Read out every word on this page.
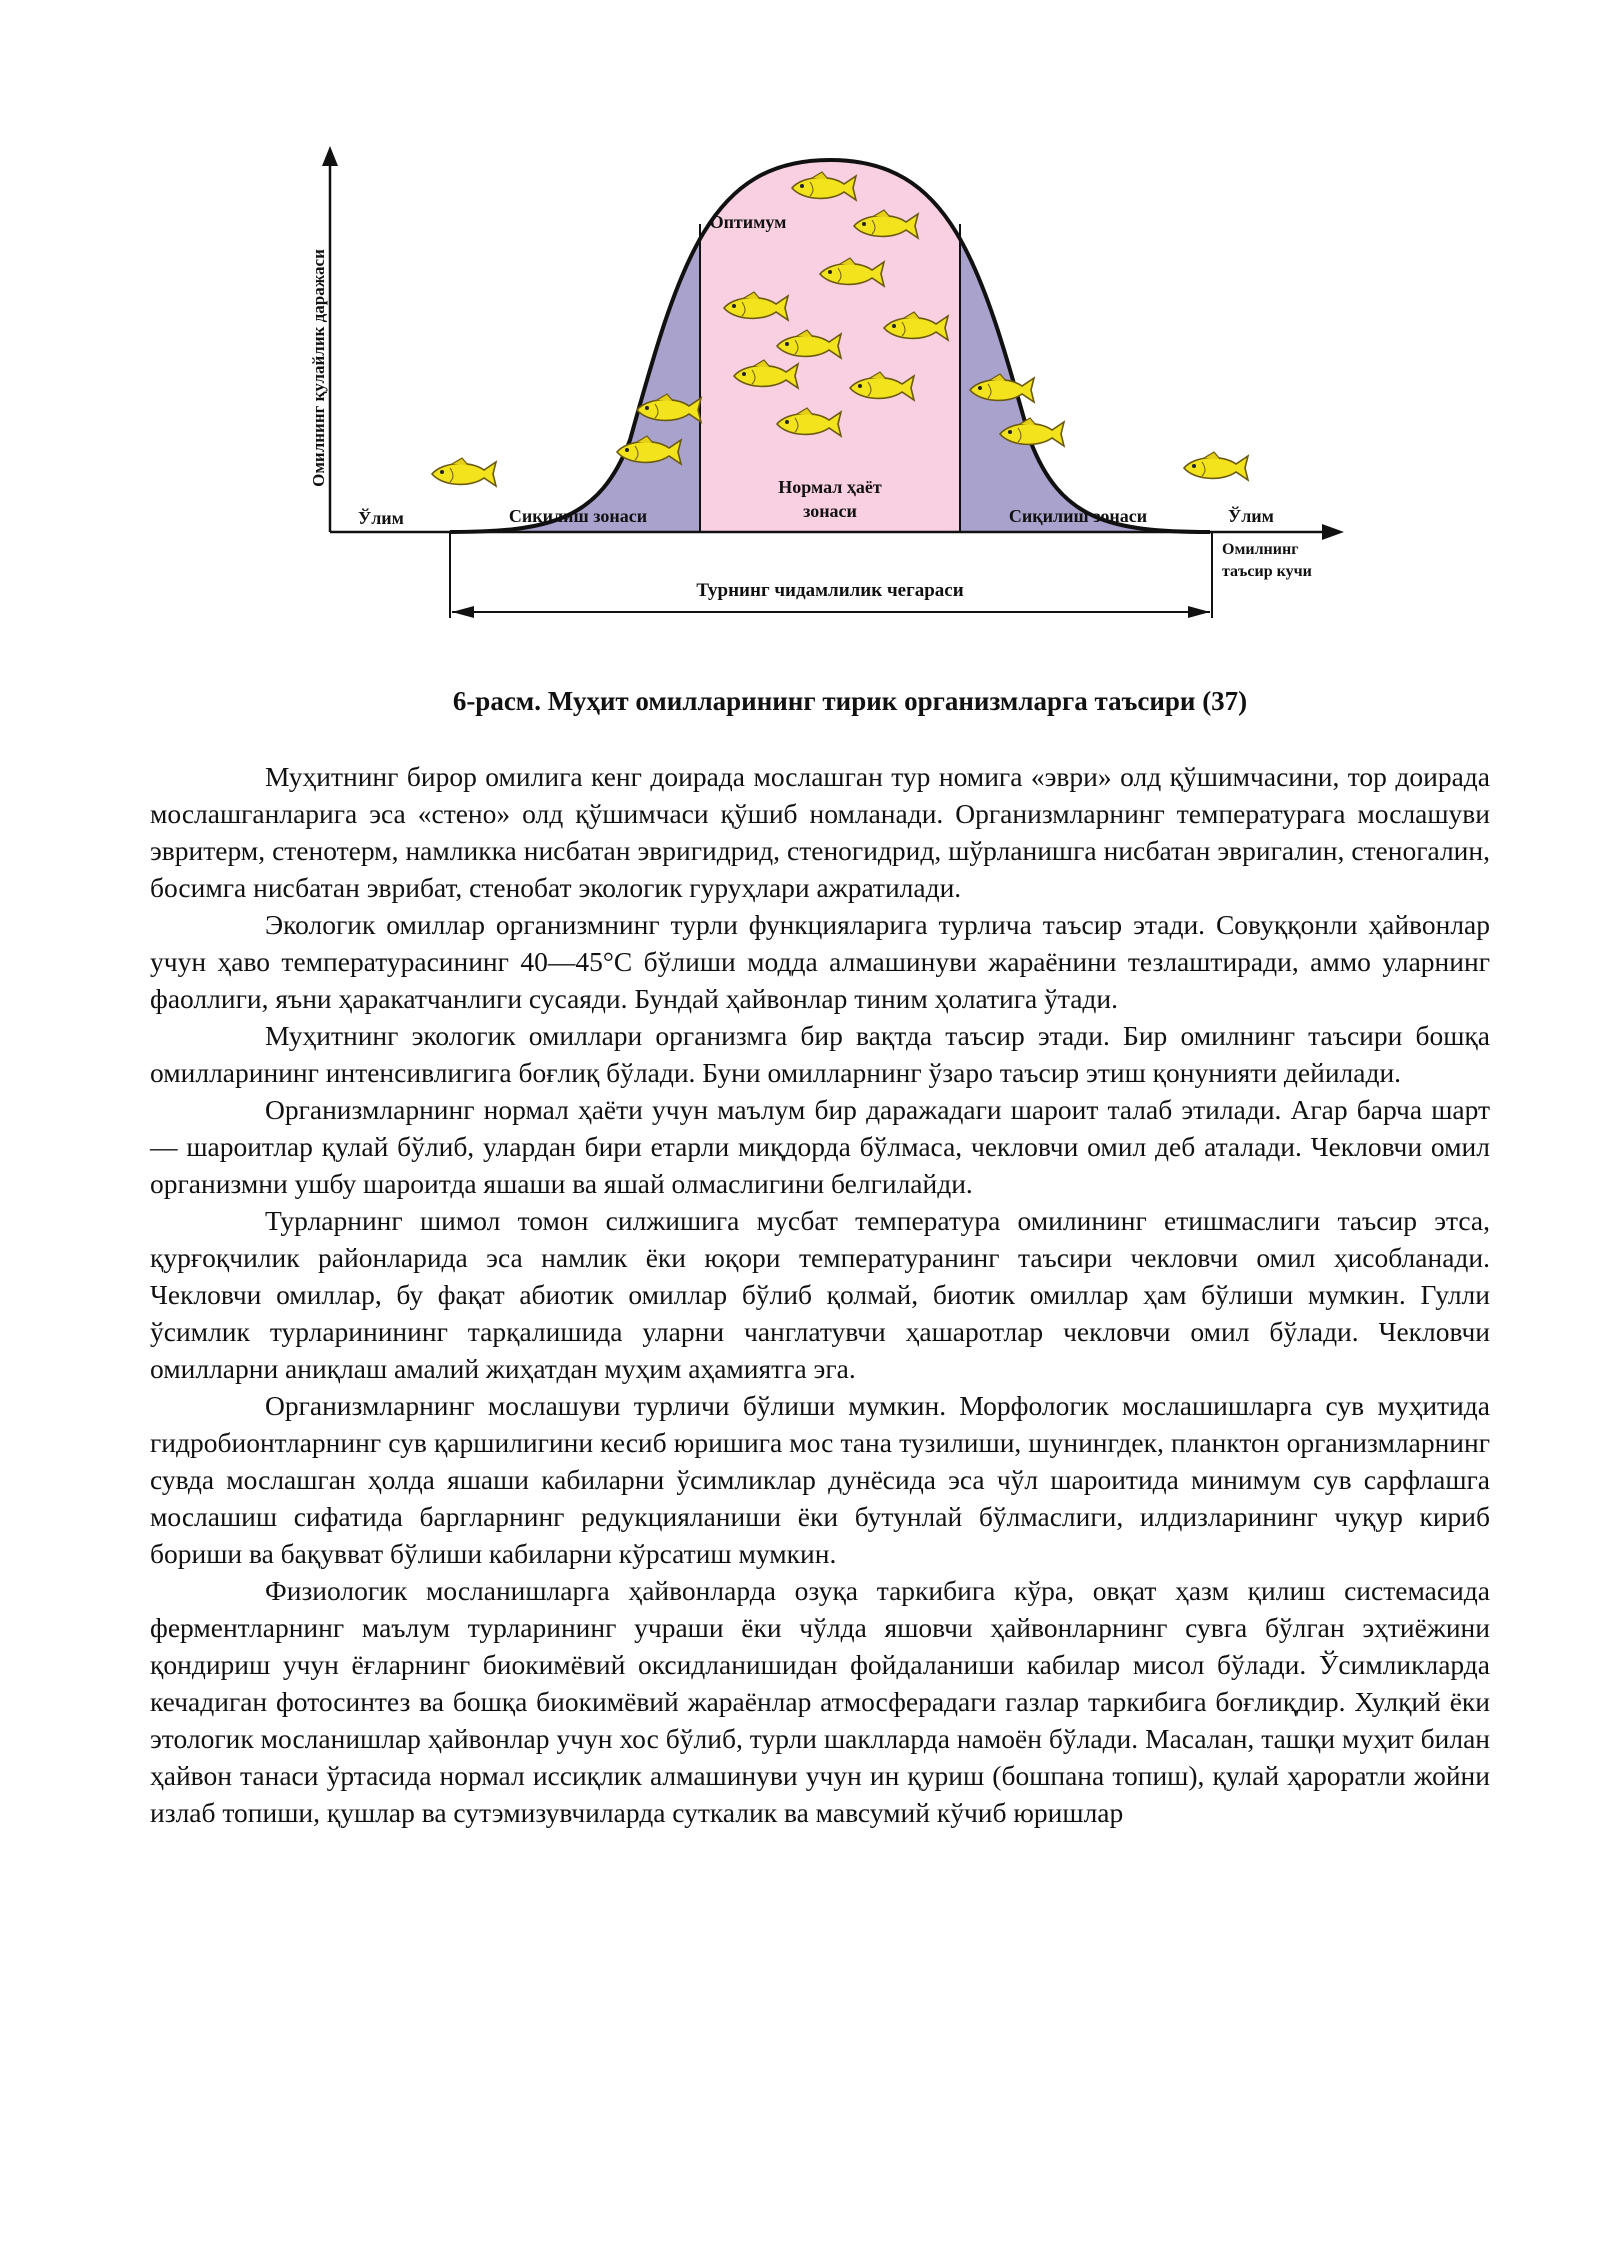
Омилнинг қулайлик даражаси
Ўлим	Ўлим
Сиқилиш зонаси	Сиқилиш зонаси
Оптимум
Нормал ҳаёт
зонаси
Турнинг чидамлилик чегараси
Омилнинг
таъсир кучи
6-расм. Муҳит омилларининг тирик организмларга таъсири (37)

Муҳитнинг бирор омилига кенг доирада мослашган тур номига «эври» олд қўшимчасини, тор доирада мослашганларига эса «стено» олд қўшимчаси қўшиб номланади. Организмларнинг температурага мослашуви эвритерм, стенотерм, намликка нисбатан эвригидрид, стеногидрид, шўрланишга нисбатан эвригалин, стеногалин, босимга нисбатан эврибат, стенобат экологик гуруҳлари ажратилади.

Экологик омиллар организмнинг турли функцияларига турлича таъсир этади. Совуққонли ҳайвонлар учун ҳаво температурасининг 40—45°С бўлиши модда алмашинуви жараёнини тезлаштиради, аммо уларнинг фаоллиги, яъни ҳаракатчанлиги сусаяди. Бундай ҳайвонлар тиним ҳолатига ўтади.

Муҳитнинг экологик омиллари организмга бир вақтда таъсир этади. Бир омилнинг таъсири бошқа омилларининг интенсивлигига боғлиқ бўлади. Буни омилларнинг ўзаро таъсир этиш қонунияти дейилади.

Организмларнинг нормал ҳаёти учун маълум бир даражадаги шароит талаб этилади. Агар барча шарт — шароитлар қулай бўлиб, улардан бири етарли миқдорда бўлмаса, чекловчи омил деб аталади. Чекловчи омил организмни ушбу шароитда яшаши ва яшай олмаслигини белгилайди.

Турларнинг шимол томон силжишига мусбат температура омилининг етишмаслиги таъсир этса, қурғоқчилик районларида эса намлик ёки юқори температуранинг таъсири чекловчи омил ҳисобланади. Чекловчи омиллар, бу фақат абиотик омиллар бўлиб қолмай, биотик омиллар ҳам бўлиши мумкин. Гулли ўсимлик турларинининг тарқалишида уларни чанглатувчи ҳашаротлар чекловчи омил бўлади. Чекловчи омилларни аниқлаш амалий жиҳатдан муҳим аҳамиятга эга.

Организмларнинг мослашуви турличи бўлиши мумкин. Морфологик мослашишларга сув муҳитида гидробионтларнинг сув қаршилигини кесиб юришига мос тана тузилиши, шунингдек, планктон организмларнинг сувда мослашган ҳолда яшаши кабиларни ўсимликлар дунёсида эса чўл шароитида минимум сув сарфлашга мослашиш сифатида баргларнинг редукцияланиши ёки бутунлай бўлмаслиги, илдизларининг чуқур кириб бориши ва бақувват бўлиши кабиларни кўрсатиш мумкин.

Физиологик мосланишларга ҳайвонларда озуқа таркибига кўра, овқат ҳазм қилиш системасида ферментларнинг маълум турларининг учраши ёки чўлда яшовчи ҳайвонларнинг сувга бўлган эҳтиёжини қондириш учун ёғларнинг биокимёвий оксидланишидан фойдаланиши кабилар мисол бўлади. Ўсимликларда кечадиган фотосинтез ва бошқа биокимёвий жараёнлар атмосферадаги газлар таркибига боғлиқдир. Хулқий ёки этологик мосланишлар ҳайвонлар учун хос бўлиб, турли шаклларда намоён бўлади. Масалан, ташқи муҳит билан ҳайвон танаси ўртасида нормал иссиқлик алмашинуви учун ин қуриш (бошпана топиш), қулай ҳароратли жойни излаб топиши, қушлар ва сутэмизувчиларда суткалик ва мавсумий кўчиб юришлар
